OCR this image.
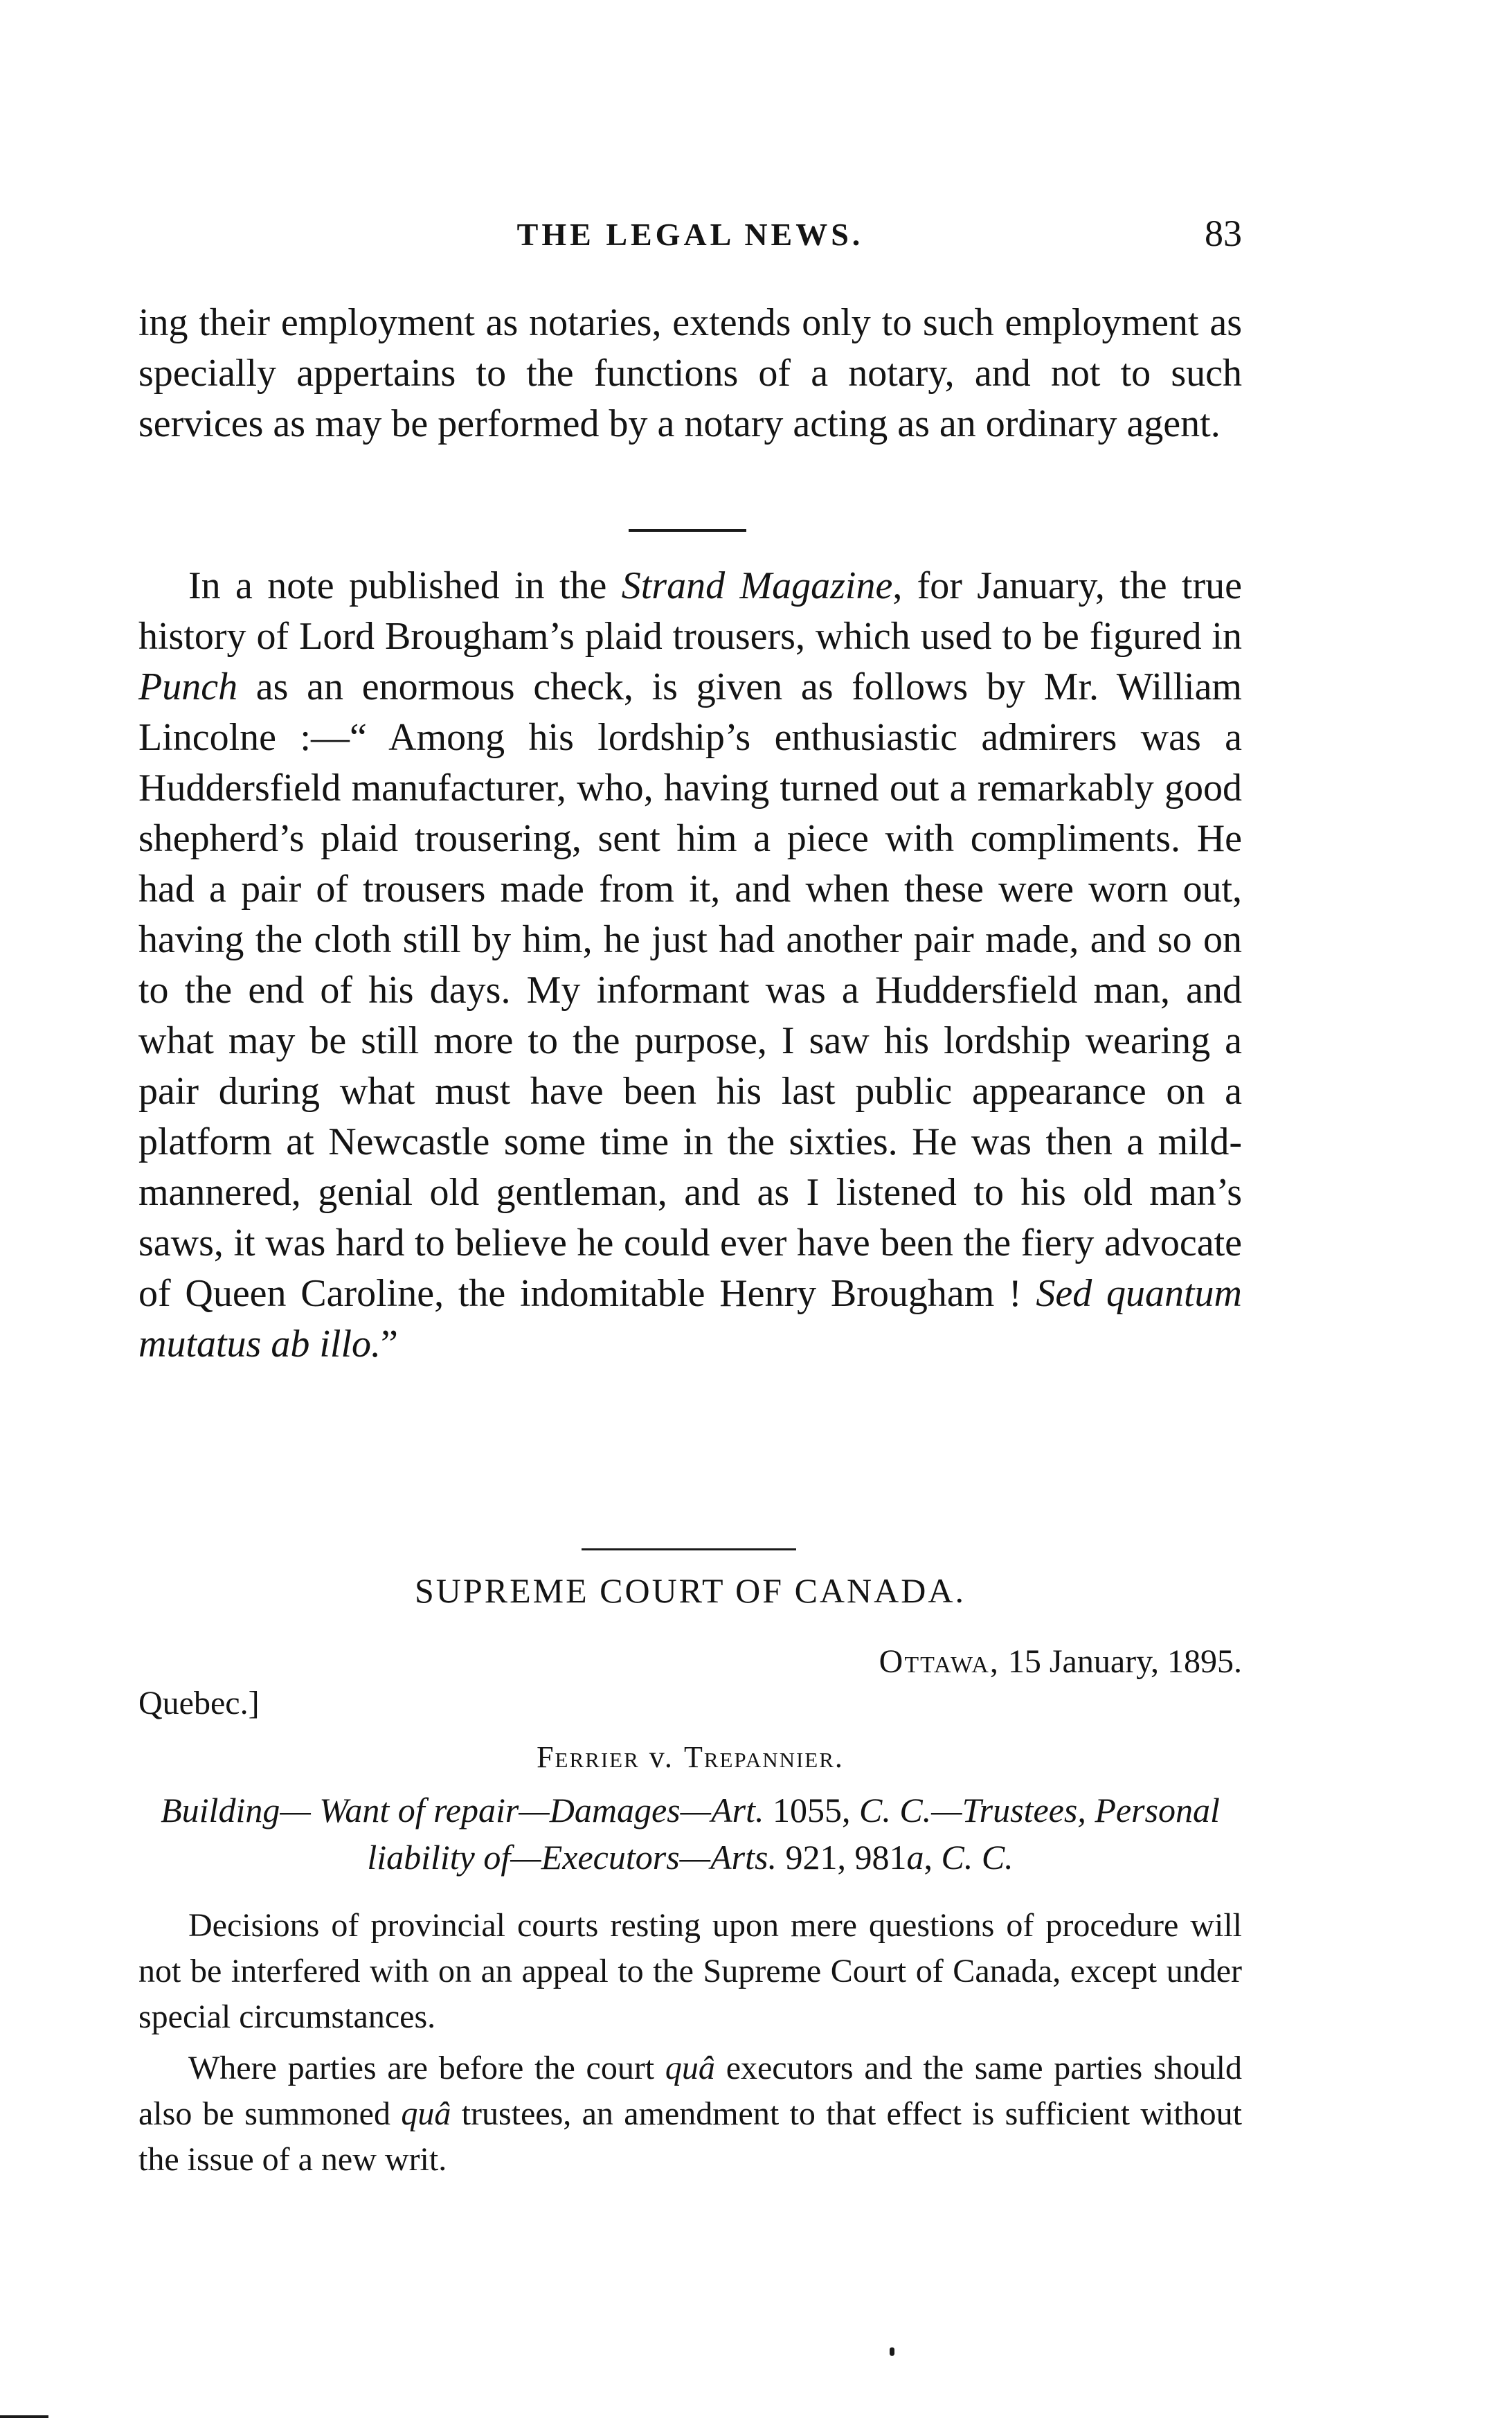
THE LEGAL NEWS.	83

ing their employment as notaries, extends only to such employment as specially appertains to the functions of a notary, and not to such services as may be performed by a notary acting as an ordinary agent.

In a note published in the Strand Magazine, for January, the true history of Lord Brougham’s plaid trousers, which used to be figured in Punch as an enormous check, is given as follows by Mr. William Lincolne :—“ Among his lordship’s enthusiastic admirers was a Huddersfield manufacturer, who, having turned out a remarkably good shepherd’s plaid trousering, sent him a piece with compliments. He had a pair of trousers made from it, and when these were worn out, having the cloth still by him, he just had another pair made, and so on to the end of his days. My informant was a Huddersfield man, and what may be still more to the purpose, I saw his lordship wearing a pair during what must have been his last public appearance on a platform at Newcastle some time in the sixties. He was then a mild-mannered, genial old gentleman, and as I listened to his old man’s saws, it was hard to believe he could ever have been the fiery advocate of Queen Caroline, the indomitable Henry Brougham ! Sed quantum mutatus ab illo.”

SUPREME COURT OF CANADA.
Ottawa, 15 January, 1895.
Quebec.]
Ferrier v. Trepannier.
Building— Want of repair—Damages—Art. 1055, C. C.—Trustees, Personal liability of—Executors—Arts. 921, 981a, C. C.

Decisions of provincial courts resting upon mere questions of procedure will not be interfered with on an appeal to the Supreme Court of Canada, except under special circumstances.

Where parties are before the court quâ executors and the same parties should also be summoned quâ trustees, an amendment to that effect is sufficient without the issue of a new writ.
